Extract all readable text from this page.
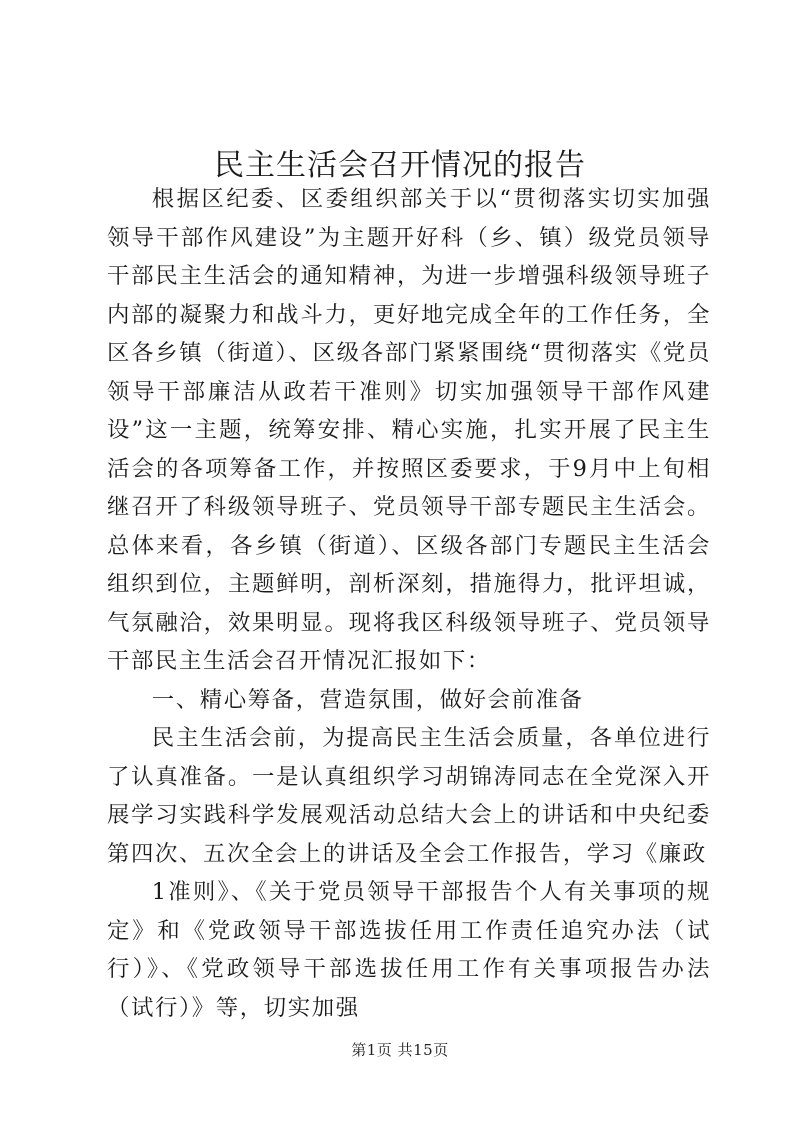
民主生活会召开情况的报告

根据区纪委、区委组织部关于以“贯彻落实切实加强领导干部作风建设”为主题开好科（乡、镇）级党员领导干部民主生活会的通知精神，为进一步增强科级领导班子内部的凝聚力和战斗力，更好地完成全年的工作任务，全区各乡镇（街道）、区级各部门紧紧围绕“贯彻落实《党员领导干部廉洁从政若干准则》切实加强领导干部作风建设”这一主题，统筹安排、精心实施，扎实开展了民主生活会的各项筹备工作，并按照区委要求，于9月中上旬相继召开了科级领导班子、党员领导干部专题民主生活会。总体来看，各乡镇（街道）、区级各部门专题民主生活会组织到位，主题鲜明，剖析深刻，措施得力，批评坦诚，气氛融洽，效果明显。现将我区科级领导班子、党员领导干部民主生活会召开情况汇报如下：

一、精心筹备，营造氛围，做好会前准备

民主生活会前，为提高民主生活会质量，各单位进行了认真准备。一是认真组织学习胡锦涛同志在全党深入开展学习实践科学发展观活动总结大会上的讲话和中央纪委第四次、五次全会上的讲话及全会工作报告，学习《廉政

1准则》、《关于党员领导干部报告个人有关事项的规定》和《党政领导干部选拔任用工作责任追究办法（试行）》、《党政领导干部选拔任用工作有关事项报告办法（试行）》等，切实加强

第1页 共15页
